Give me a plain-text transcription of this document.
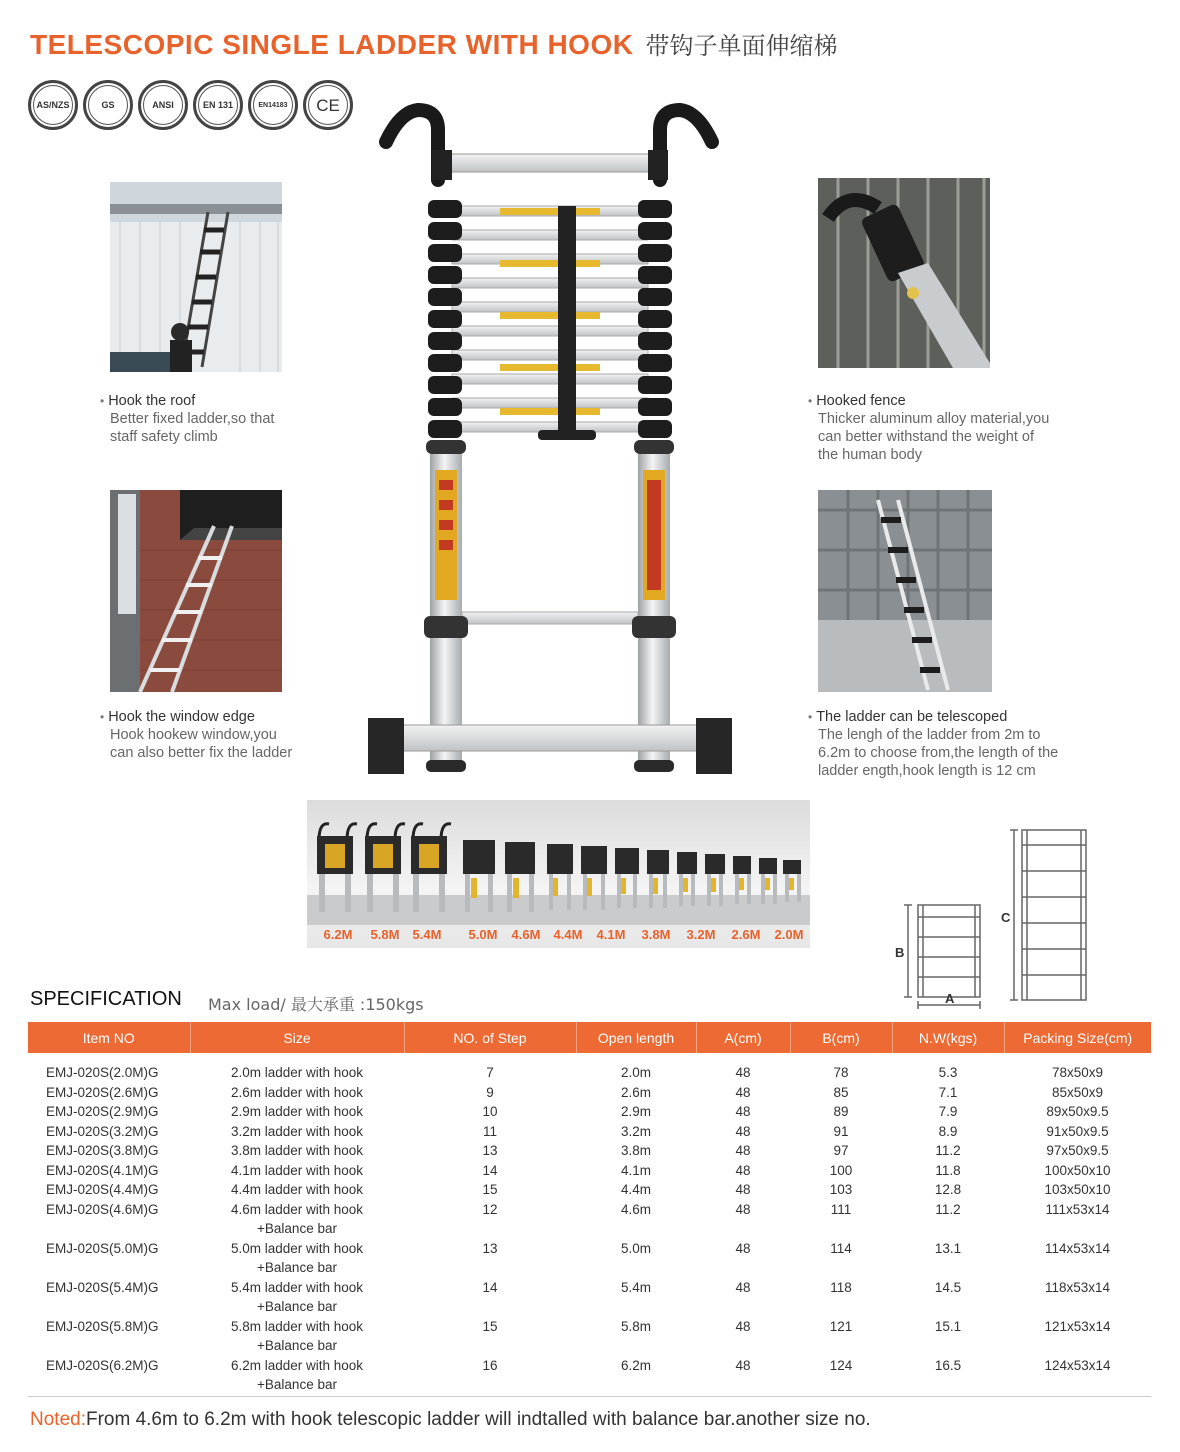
TELESCOPIC SINGLE LADDER WITH HOOK 带钩子单面伸缩梯
AS/NZS	GS	ANSI	EN 131	EN14183	CE
• Hook the roof
Better fixed ladder,so that
staff safety climb
• Hook the window edge
Hook hookew window,you
can also better fix the ladder
• Hooked fence
Thicker aluminum alloy material,you
can better withstand the weight of
the human body
• The ladder can be telescoped
The lengh of the ladder from 2m to
6.2m to choose from,the length of the
ladder ength,hook length is 12 cm
6.2M 5.8M 5.4M 5.0M 4.6M 4.4M 4.1M 3.8M 3.2M 2.6M 2.0M
B
A
C
SPECIFICATION Max load/ 最大承重 :150kgs
Item NO	Size	NO. of Step	Open length	A(cm)	B(cm)	N.W(kgs)	Packing Size(cm)
EMJ-020S(2.0M)G	2.0m ladder with hook	7	2.0m	48	78	5.3	78x50x9
EMJ-020S(2.6M)G	2.6m ladder with hook	9	2.6m	48	85	7.1	85x50x9
EMJ-020S(2.9M)G	2.9m ladder with hook	10	2.9m	48	89	7.9	89x50x9.5
EMJ-020S(3.2M)G	3.2m ladder with hook	11	3.2m	48	91	8.9	91x50x9.5
EMJ-020S(3.8M)G	3.8m ladder with hook	13	3.8m	48	97	11.2	97x50x9.5
EMJ-020S(4.1M)G	4.1m ladder with hook	14	4.1m	48	100	11.8	100x50x10
EMJ-020S(4.4M)G	4.4m ladder with hook	15	4.4m	48	103	12.8	103x50x10
EMJ-020S(4.6M)G	4.6m ladder with hook
+Balance bar	12	4.6m	48	111	11.2	111x53x14
EMJ-020S(5.0M)G	5.0m ladder with hook
+Balance bar	13	5.0m	48	114	13.1	114x53x14
EMJ-020S(5.4M)G	5.4m ladder with hook
+Balance bar	14	5.4m	48	118	14.5	118x53x14
EMJ-020S(5.8M)G	5.8m ladder with hook
+Balance bar	15	5.8m	48	121	15.1	121x53x14
EMJ-020S(6.2M)G	6.2m ladder with hook
+Balance bar	16	6.2m	48	124	16.5	124x53x14
Noted:From 4.6m to 6.2m with hook telescopic ladder will indtalled with balance bar.another size no.
